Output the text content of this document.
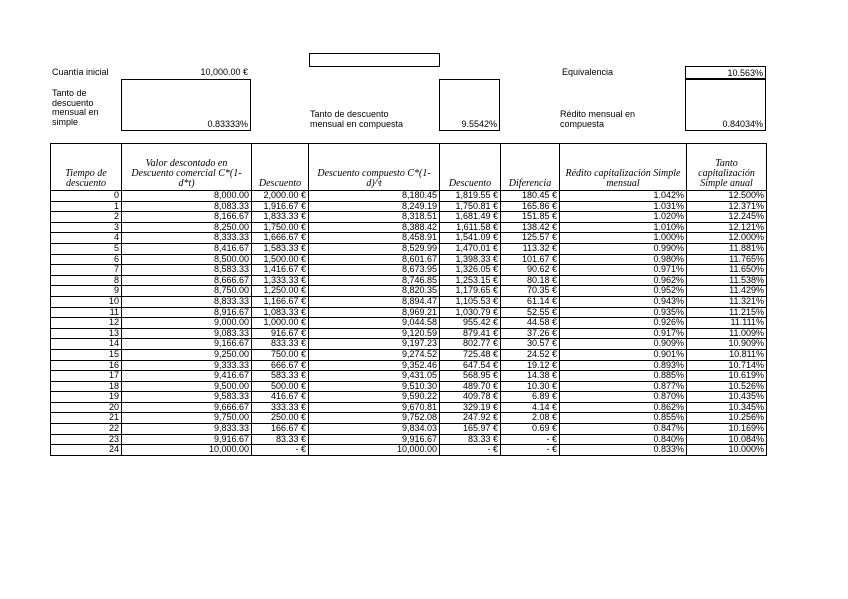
Cuantía inicial	10,000.00 €	Equivalencia	10.563%
Tanto de descuento mensual en simple	0.83333%
Tanto de descuento mensual en compuesta	9.5542%
Rédito mensual en compuesta	0.84034%
Tiempo de descuento	Valor descontado en Descuento comercial C*(1-d*t)	Descuento	Descuento compuesto C*(1-d)^t	Descuento	Diferencia	Rédito capitalización Simple mensual	Tanto capitalización Simple anual
0	8,000.00	2,000.00 €	8,180.45	1,819.55 €	180.45 €	1.042%	12.500%
1	8,083.33	1,916.67 €	8,249.19	1,750.81 €	165.86 €	1.031%	12.371%
2	8,166.67	1,833.33 €	8,318.51	1,681.49 €	151.85 €	1.020%	12.245%
3	8,250.00	1,750.00 €	8,388.42	1,611.58 €	138.42 €	1.010%	12.121%
4	8,333.33	1,666.67 €	8,458.91	1,541.09 €	125.57 €	1.000%	12.000%
5	8,416.67	1,583.33 €	8,529.99	1,470.01 €	113.32 €	0.990%	11.881%
6	8,500.00	1,500.00 €	8,601.67	1,398.33 €	101.67 €	0.980%	11.765%
7	8,583.33	1,416.67 €	8,673.95	1,326.05 €	90.62 €	0.971%	11.650%
8	8,666.67	1,333.33 €	8,746.85	1,253.15 €	80.18 €	0.962%	11.538%
9	8,750.00	1,250.00 €	8,820.35	1,179.65 €	70.35 €	0.952%	11.429%
10	8,833.33	1,166.67 €	8,894.47	1,105.53 €	61.14 €	0.943%	11.321%
11	8,916.67	1,083.33 €	8,969.21	1,030.79 €	52.55 €	0.935%	11.215%
12	9,000.00	1,000.00 €	9,044.58	955.42 €	44.58 €	0.926%	11.111%
13	9,083.33	916.67 €	9,120.59	879.41 €	37.26 €	0.917%	11.009%
14	9,166.67	833.33 €	9,197.23	802.77 €	30.57 €	0.909%	10.909%
15	9,250.00	750.00 €	9,274.52	725.48 €	24.52 €	0.901%	10.811%
16	9,333.33	666.67 €	9,352.46	647.54 €	19.12 €	0.893%	10.714%
17	9,416.67	583.33 €	9,431.05	568.95 €	14.38 €	0.885%	10.619%
18	9,500.00	500.00 €	9,510.30	489.70 €	10.30 €	0.877%	10.526%
19	9,583.33	416.67 €	9,590.22	409.78 €	6.89 €	0.870%	10.435%
20	9,666.67	333.33 €	9,670.81	329.19 €	4.14 €	0.862%	10.345%
21	9,750.00	250.00 €	9,752.08	247.92 €	2.08 €	0.855%	10.256%
22	9,833.33	166.67 €	9,834.03	165.97 €	0.69 €	0.847%	10.169%
23	9,916.67	83.33 €	9,916.67	83.33 €	- €	0.840%	10.084%
24	10,000.00	- €	10,000.00	- €	- €	0.833%	10.000%
